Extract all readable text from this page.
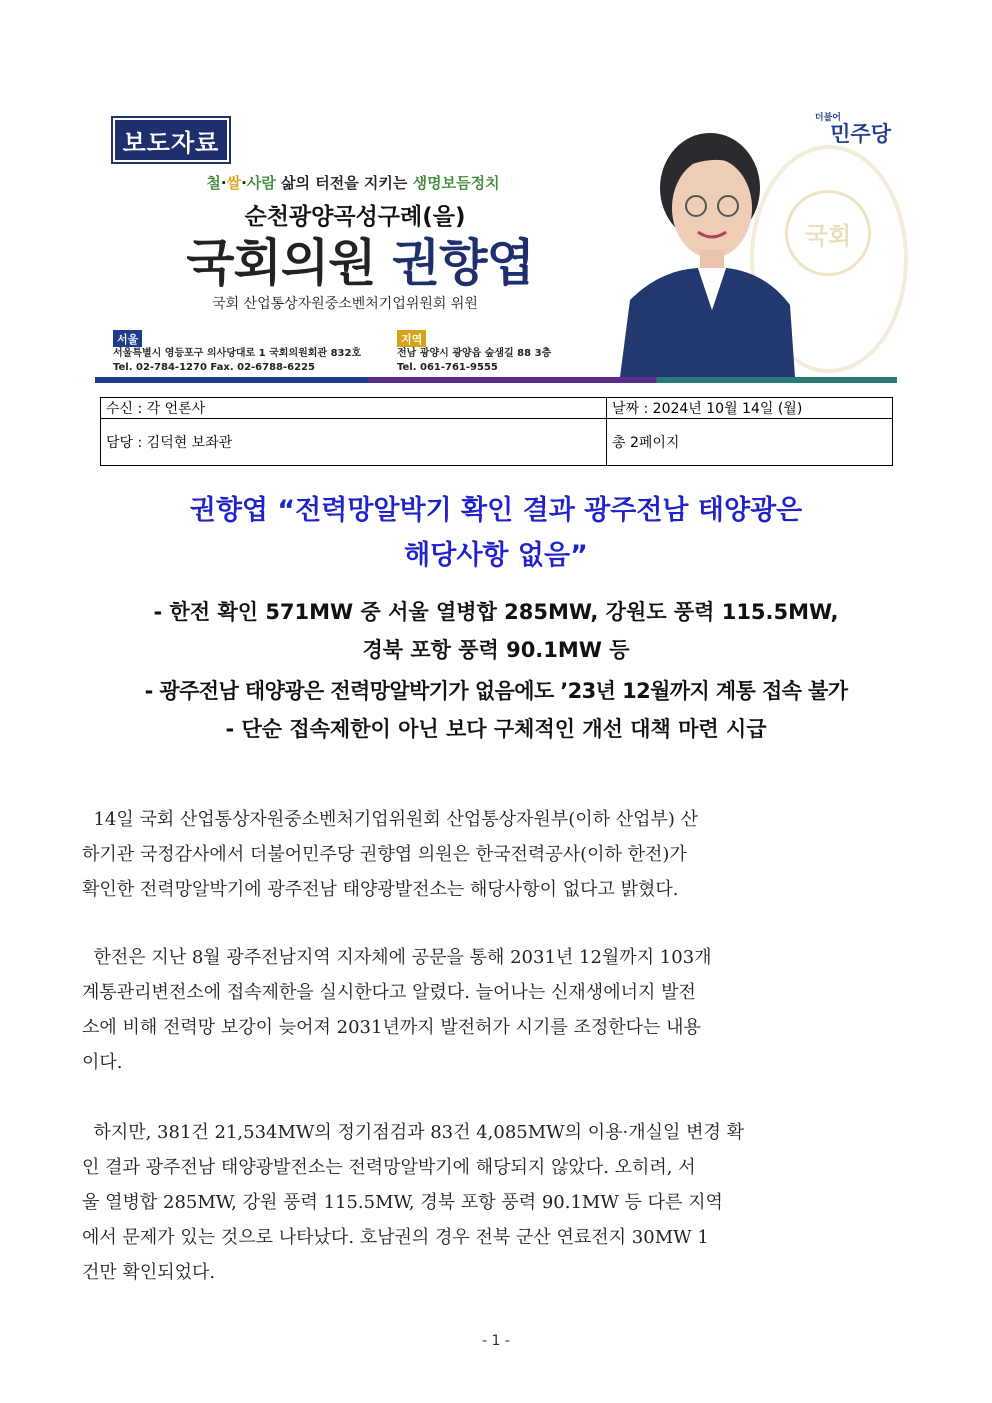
보도자료
철·쌀·사람 삶의 터전을 지키는 생명보듬정치
순천광양곡성구례(을)
국회의원 권향엽
국회 산업통상자원중소벤처기업위원회 위원
서울
서울특별시 영등포구 의사당대로 1 국회의원회관 832호
Tel. 02-784-1270 Fax. 02-6788-6225
지역
전남 광양시 광양읍 숲샘길 88 3층
Tel. 061-761-9555
국회
더불어
민주당
수신 : 각 언론사	날짜 : 2024년 10월 14일 (월)
담당 : 김덕현 보좌관	총 2페이지
권향엽 “전력망알박기 확인 결과 광주전남 태양광은
해당사항 없음”
- 한전 확인 571MW 중 서울 열병합 285MW, 강원도 풍력 115.5MW,
경북 포항 풍력 90.1MW 등
- 광주전남 태양광은 전력망알박기가 없음에도 ’23년 12월까지 계통 접속 불가
- 단순 접속제한이 아닌 보다 구체적인 개선 대책 마련 시급
14일 국회 산업통상자원중소벤처기업위원회 산업통상자원부(이하 산업부) 산
하기관 국정감사에서 더불어민주당 권향엽 의원은 한국전력공사(이하 한전)가
확인한 전력망알박기에 광주전남 태양광발전소는 해당사항이 없다고 밝혔다.
한전은 지난 8월 광주전남지역 지자체에 공문을 통해 2031년 12월까지 103개
계통관리변전소에 접속제한을 실시한다고 알렸다. 늘어나는 신재생에너지 발전
소에 비해 전력망 보강이 늦어져 2031년까지 발전허가 시기를 조정한다는 내용
이다.
하지만, 381건 21,534MW의 정기점검과 83건 4,085MW의 이용·개실일 변경 확
인 결과 광주전남 태양광발전소는 전력망알박기에 해당되지 않았다. 오히려, 서
울 열병합 285MW, 강원 풍력 115.5MW, 경북 포항 풍력 90.1MW 등 다른 지역
에서 문제가 있는 것으로 나타났다. 호남권의 경우 전북 군산 연료전지 30MW 1
건만 확인되었다.
- 1 -
